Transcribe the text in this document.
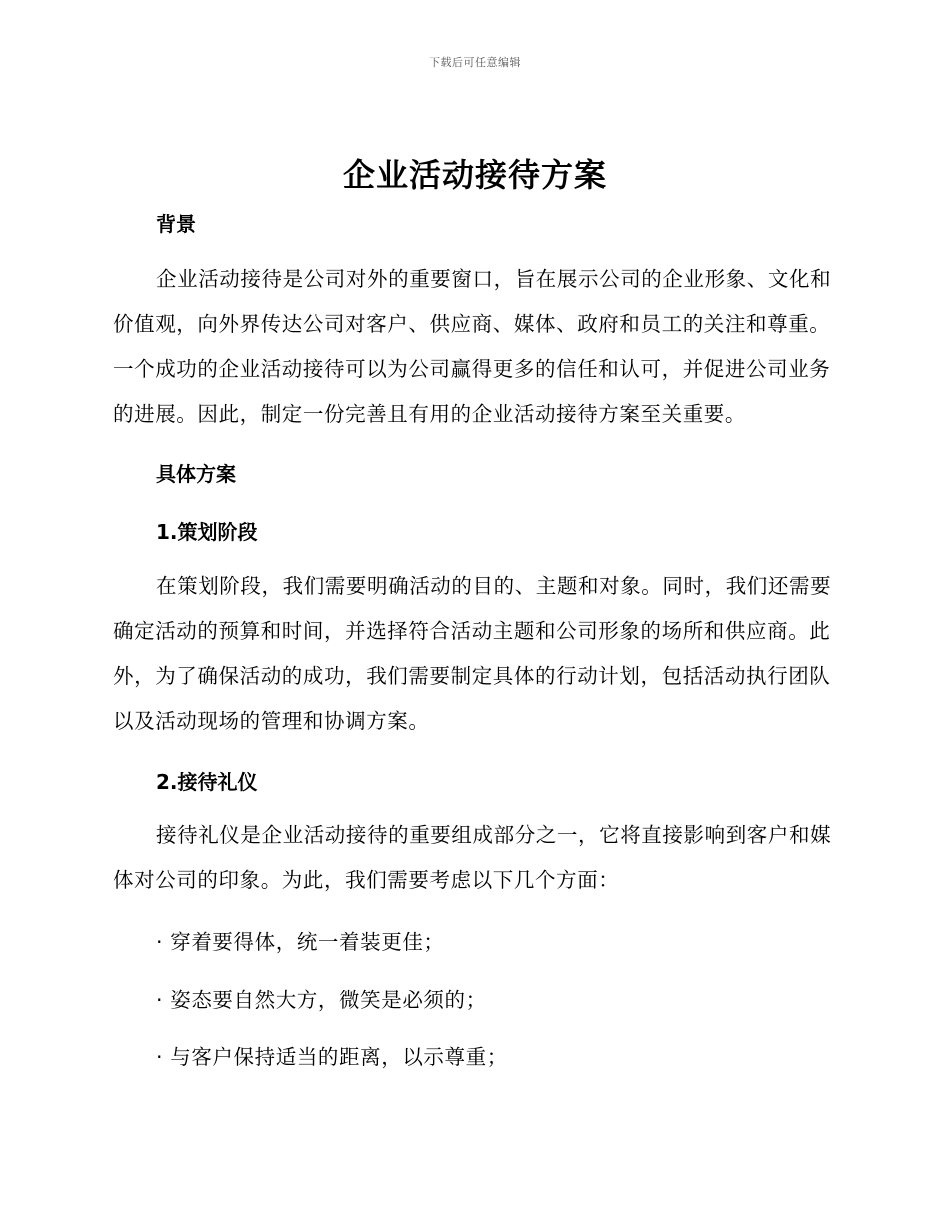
下载后可任意编辑
企业活动接待方案
背景
企业活动接待是公司对外的重要窗口，旨在展示公司的企业形象、文化和价值观，向外界传达公司对客户、供应商、媒体、政府和员工的关注和尊重。一个成功的企业活动接待可以为公司赢得更多的信任和认可，并促进公司业务的进展。因此，制定一份完善且有用的企业活动接待方案至关重要。
具体方案
1.策划阶段
在策划阶段，我们需要明确活动的目的、主题和对象。同时，我们还需要确定活动的预算和时间，并选择符合活动主题和公司形象的场所和供应商。此外，为了确保活动的成功，我们需要制定具体的行动计划，包括活动执行团队以及活动现场的管理和协调方案。
2.接待礼仪
接待礼仪是企业活动接待的重要组成部分之一，它将直接影响到客户和媒体对公司的印象。为此，我们需要考虑以下几个方面：
· 穿着要得体，统一着装更佳；
· 姿态要自然大方，微笑是必须的；
· 与客户保持适当的距离，以示尊重；
